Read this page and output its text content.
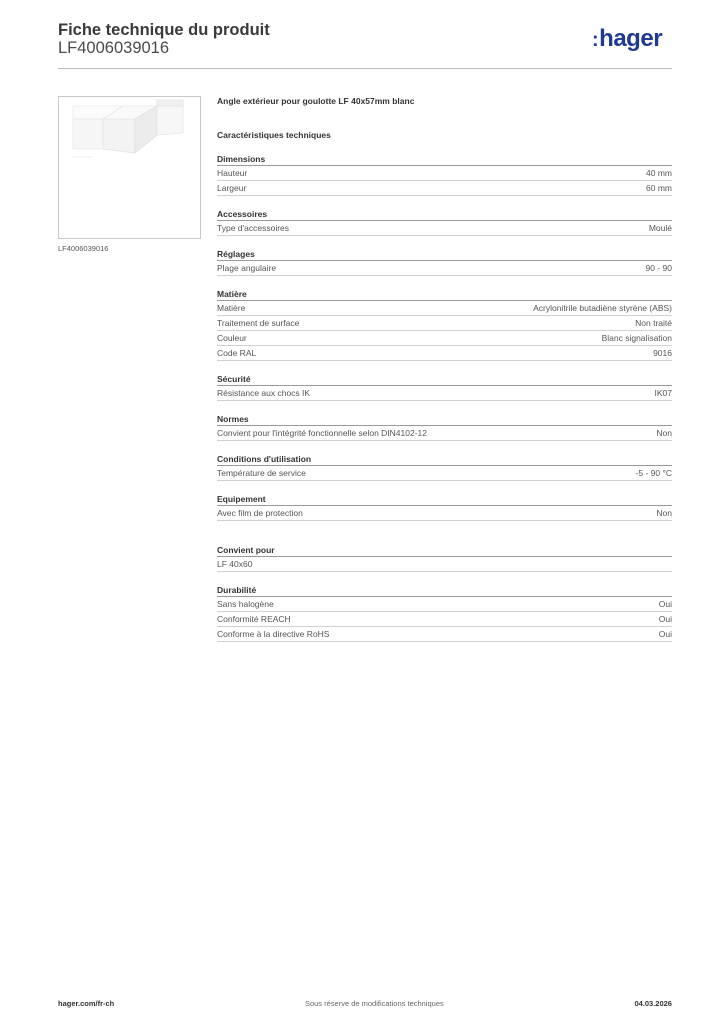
Fiche technique du produit
LF4006039016	:hager
LF4006039016
Angle extérieur pour goulotte LF 40x57mm blanc
Caractéristiques techniques
Dimensions
Hauteur	40 mm
Largeur	60 mm
Accessoires
Type d'accessoires	Moulé
Réglages
Plage angulaire	90 - 90
Matière
Matière	Acrylonitrile butadiène styrène (ABS)
Traitement de surface	Non traité
Couleur	Blanc signalisation
Code RAL	9016
Sécurité
Résistance aux chocs IK	IK07
Normes
Convient pour l'intégrité fonctionnelle selon DIN4102-12	Non
Conditions d'utilisation
Température de service	-5 - 90 °C
Equipement
Avec film de protection	Non
Convient pour
LF 40x60
Durabilité
Sans halogène	Oui
Conformité REACH	Oui
Conforme à la directive RoHS	Oui
hager.com/fr-ch	Sous réserve de modifications techniques	04.03.2026
